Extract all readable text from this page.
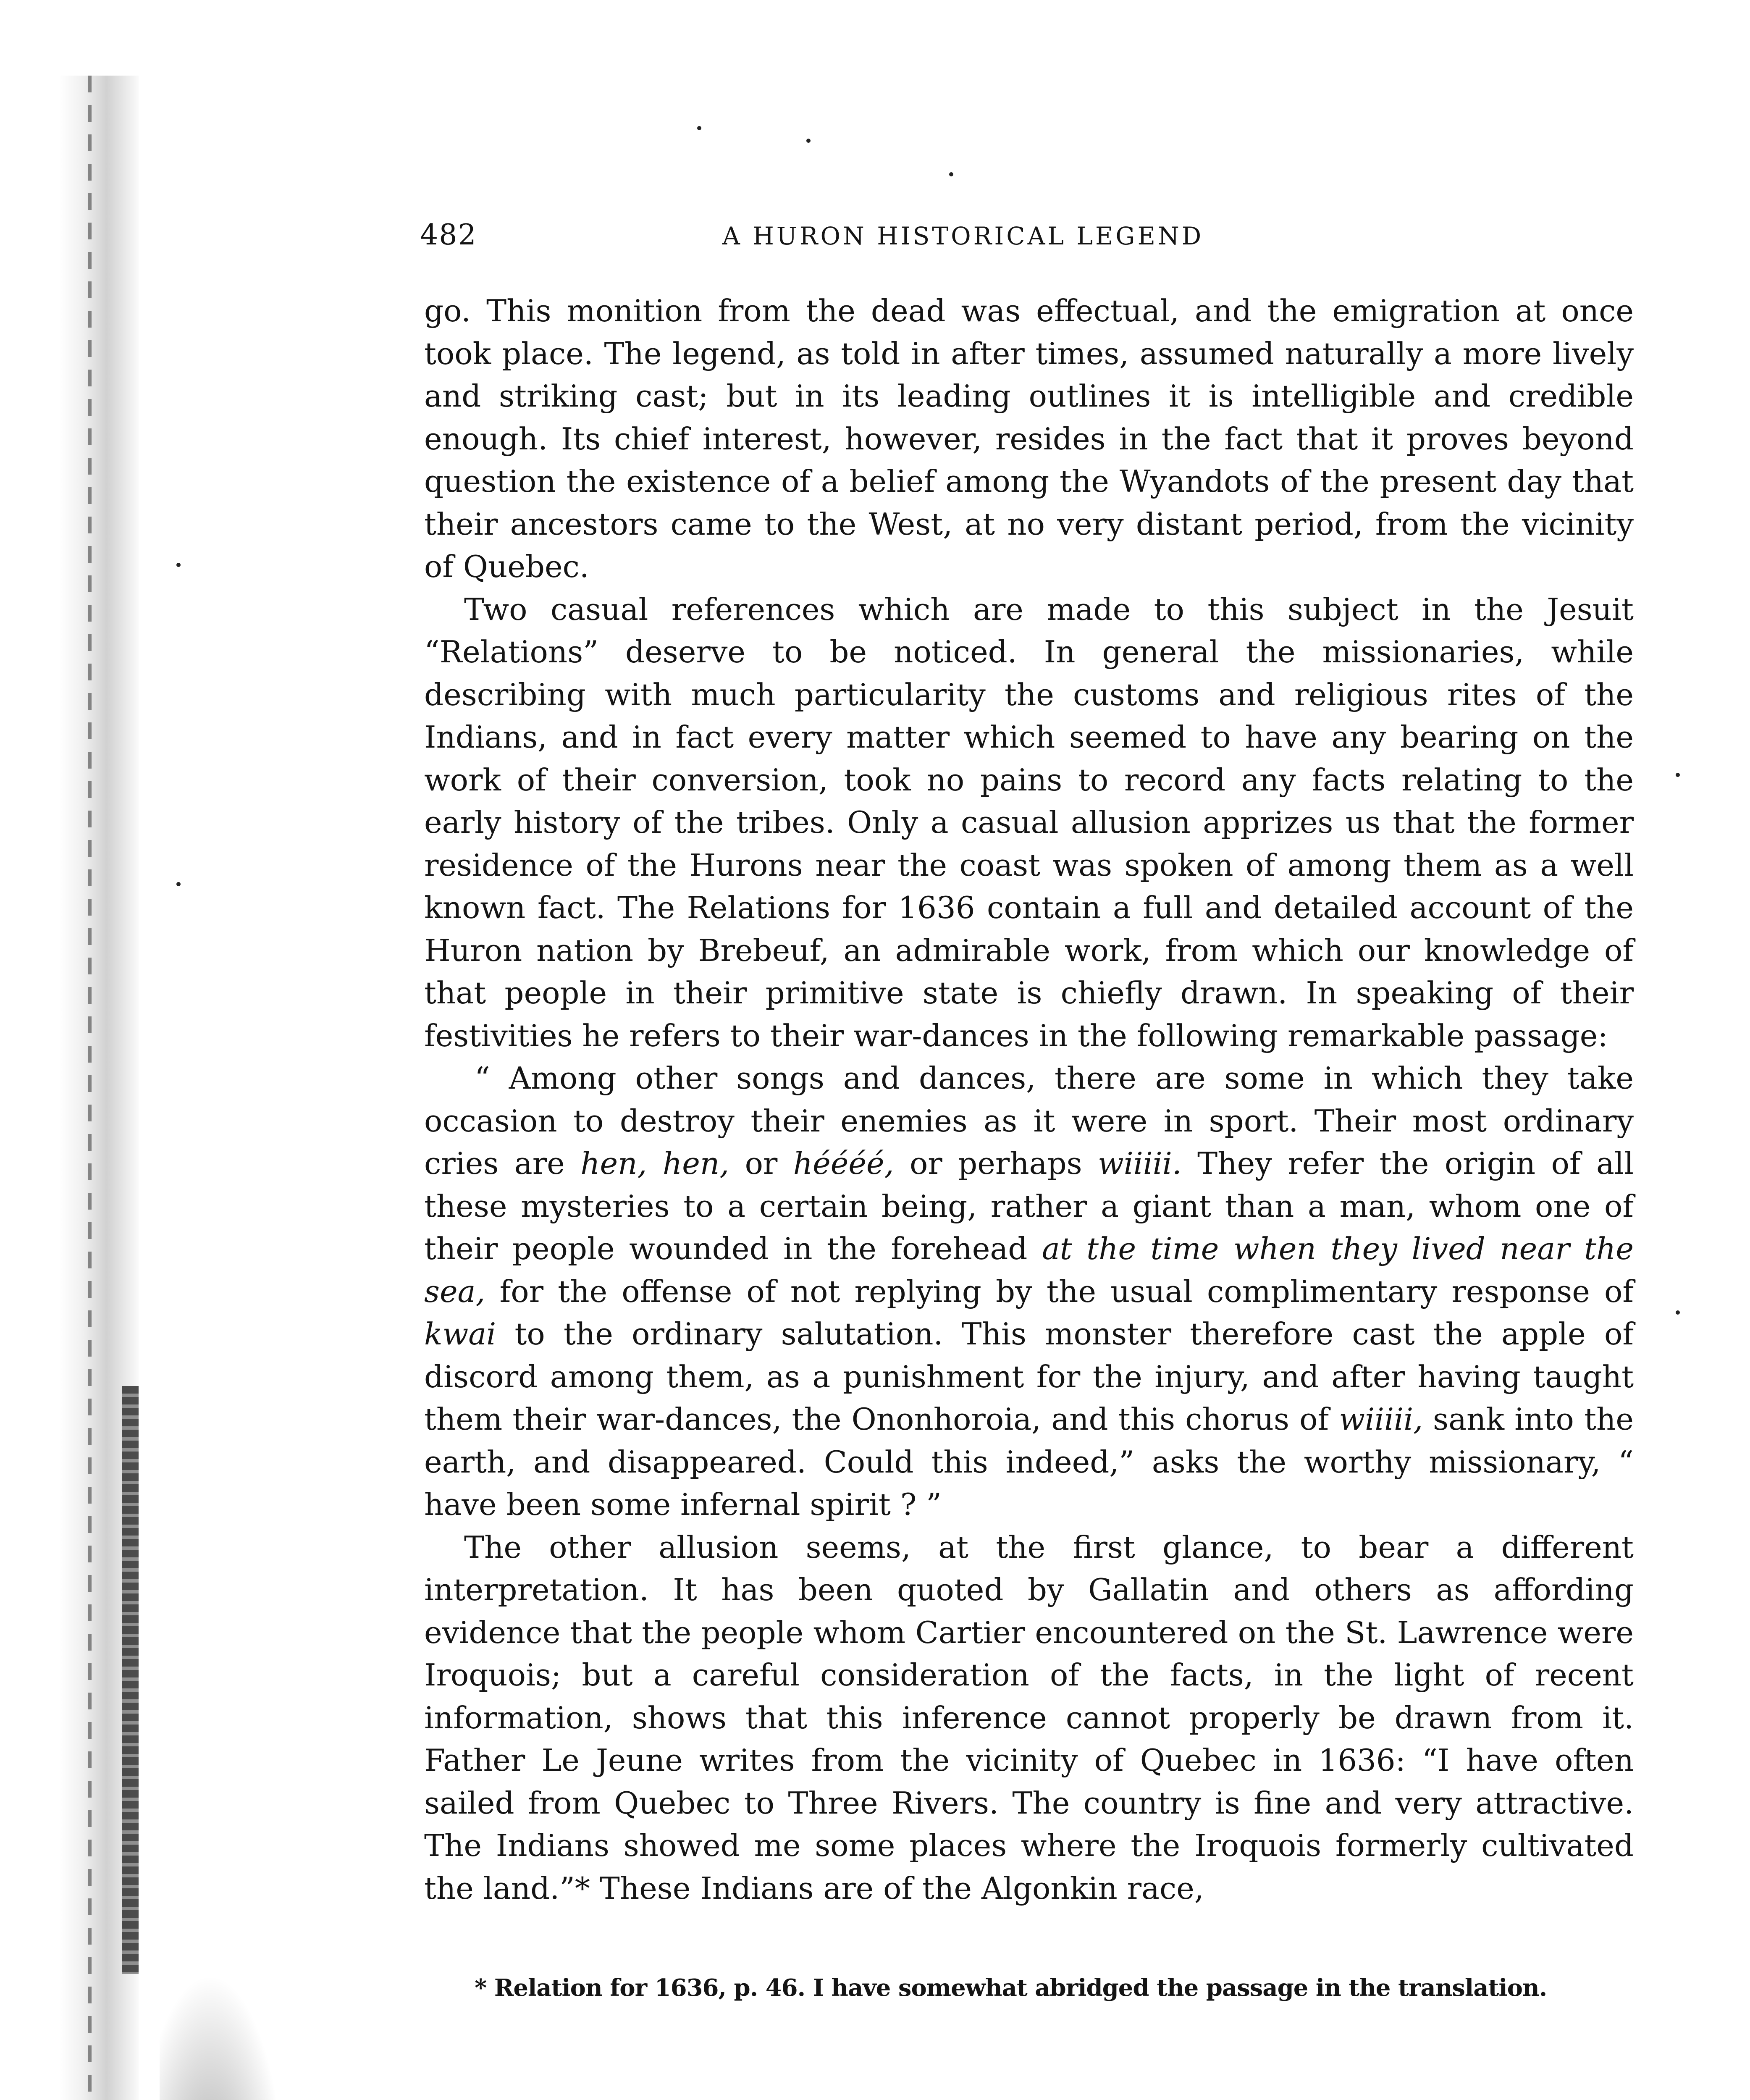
482	A HURON HISTORICAL LEGEND

go. This monition from the dead was effectual, and the emigration at once took place. The legend, as told in after times, assumed naturally a more lively and striking cast; but in its leading outlines it is intelligible and credible enough. Its chief interest, however, resides in the fact that it proves beyond question the existence of a belief among the Wyandots of the present day that their ancestors came to the West, at no very distant period, from the vicinity of Quebec.

Two casual references which are made to this subject in the Jesuit “Relations” deserve to be noticed. In general the missionaries, while describing with much particularity the customs and religious rites of the Indians, and in fact every matter which seemed to have any bearing on the work of their conversion, took no pains to record any facts relating to the early history of the tribes. Only a casual allusion apprizes us that the former residence of the Hurons near the coast was spoken of among them as a well known fact. The Relations for 1636 contain a full and detailed account of the Huron nation by Brebeuf, an admirable work, from which our knowledge of that people in their primitive state is chiefly drawn. In speaking of their festivities he refers to their war-dances in the following remarkable passage:

“ Among other songs and dances, there are some in which they take occasion to destroy their enemies as it were in sport. Their most ordinary cries are hen, hen, or héééé, or perhaps wiiiii. They refer the origin of all these mysteries to a certain being, rather a giant than a man, whom one of their people wounded in the forehead at the time when they lived near the sea, for the offense of not replying by the usual complimentary response of kwai to the ordinary salutation. This monster therefore cast the apple of discord among them, as a punishment for the injury, and after having taught them their war-dances, the Ononhoroia, and this chorus of wiiiii, sank into the earth, and disappeared. Could this indeed,” asks the worthy missionary, “ have been some infernal spirit ? ”

The other allusion seems, at the first glance, to bear a different interpretation. It has been quoted by Gallatin and others as affording evidence that the people whom Cartier encountered on the St. Lawrence were Iroquois; but a careful consideration of the facts, in the light of recent information, shows that this inference cannot properly be drawn from it. Father Le Jeune writes from the vicinity of Quebec in 1636: “I have often sailed from Quebec to Three Rivers. The country is fine and very attractive. The Indians showed me some places where the Iroquois formerly cultivated the land.”* These Indians are of the Algonkin race,

* Relation for 1636, p. 46. I have somewhat abridged the passage in the translation.
